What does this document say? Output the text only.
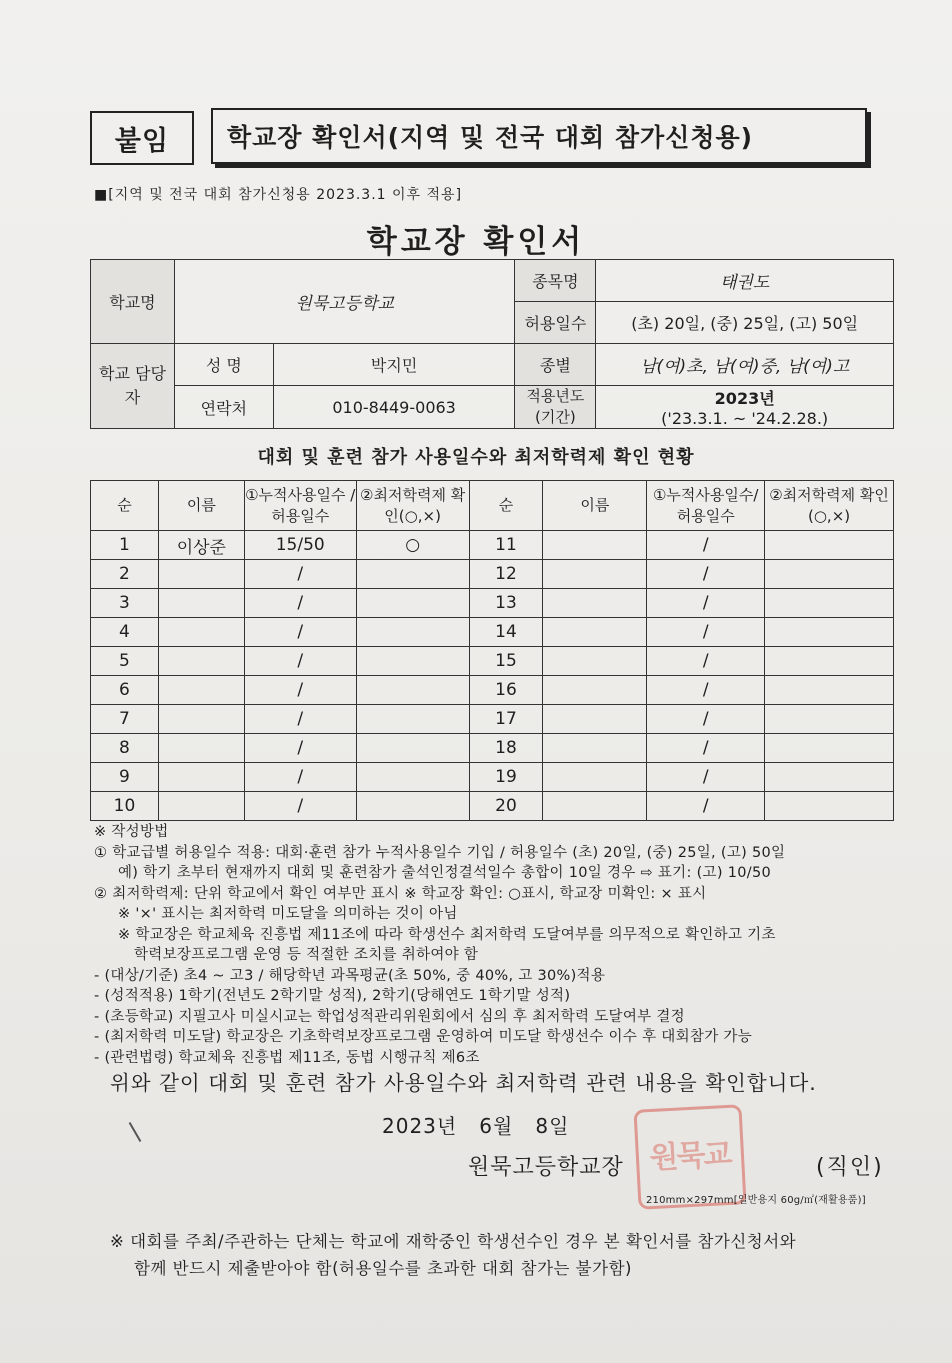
붙임	학교장 확인서(지역 및 전국 대회 참가신청용)
■[지역 및 전국 대회 참가신청용 2023.3.1 이후 적용]
학교장 확인서
학교명	원묵고등학교		종목명	태권도
			허용일수	(초) 20일, (중) 25일, (고) 50일
학교 담당자	성 명	박지민	종별	남(여)초, 남(여)중, 남(여)고
	연락처	010-8449-0063	적용년도 (기간)	2023년
('23.3.1. ~ '24.2.28.)
대회 및 훈련 참가 사용일수와 최저학력제 확인 현황
순	이름	①누적사용일수 /허용일수	②최저학력제 확인(○,×)	순	이름	①누적사용일수/ 허용일수	②최저학력제 확인(○,×)
1	이상준	15/50	○	11		/	
2		/		12		/	
3		/		13		/	
4		/		14		/	
5		/		15		/	
6		/		16		/	
7		/		17		/	
8		/		18		/	
9		/		19		/	
10		/		20		/	
※ 작성방법
① 학교급별 허용일수 적용: 대회·훈련 참가 누적사용일수 기입 / 허용일수 (초) 20일, (중) 25일, (고) 50일
예) 학기 초부터 현재까지 대회 및 훈련참가 출석인정결석일수 총합이 10일 경우 ⇨ 표기: (고) 10/50
② 최저학력제: 단위 학교에서 확인 여부만 표시 ※ 학교장 확인: ○표시, 학교장 미확인: × 표시
※ '×' 표시는 최저학력 미도달을 의미하는 것이 아님
※ 학교장은 학교체육 진흥법 제11조에 따라 학생선수 최저학력 도달여부를 의무적으로 확인하고 기초
학력보장프로그램 운영 등 적절한 조치를 취하여야 함
- (대상/기준) 초4 ~ 고3 / 해당학년 과목평균(초 50%, 중 40%, 고 30%)적용
- (성적적용) 1학기(전년도 2학기말 성적), 2학기(당해연도 1학기말 성적)
- (초등학교) 지필고사 미실시교는 학업성적관리위원회에서 심의 후 최저학력 도달여부 결정
- (최저학력 미도달) 학교장은 기초학력보장프로그램 운영하여 미도달 학생선수 이수 후 대회참가 가능
- (관련법령) 학교체육 진흥법 제11조, 동법 시행규칙 제6조
위와 같이 대회 및 훈련 참가 사용일수와 최저학력 관련 내용을 확인합니다.
2023년   6월   8일
원묵교
원묵고등학교장	(직인)
210mm×297mm[일반용지 60g/㎡(재활용품)]
※ 대회를 주최/주관하는 단체는 학교에 재학중인 학생선수인 경우 본 확인서를 참가신청서와
함께 반드시 제출받아야 함(허용일수를 초과한 대회 참가는 불가함)
